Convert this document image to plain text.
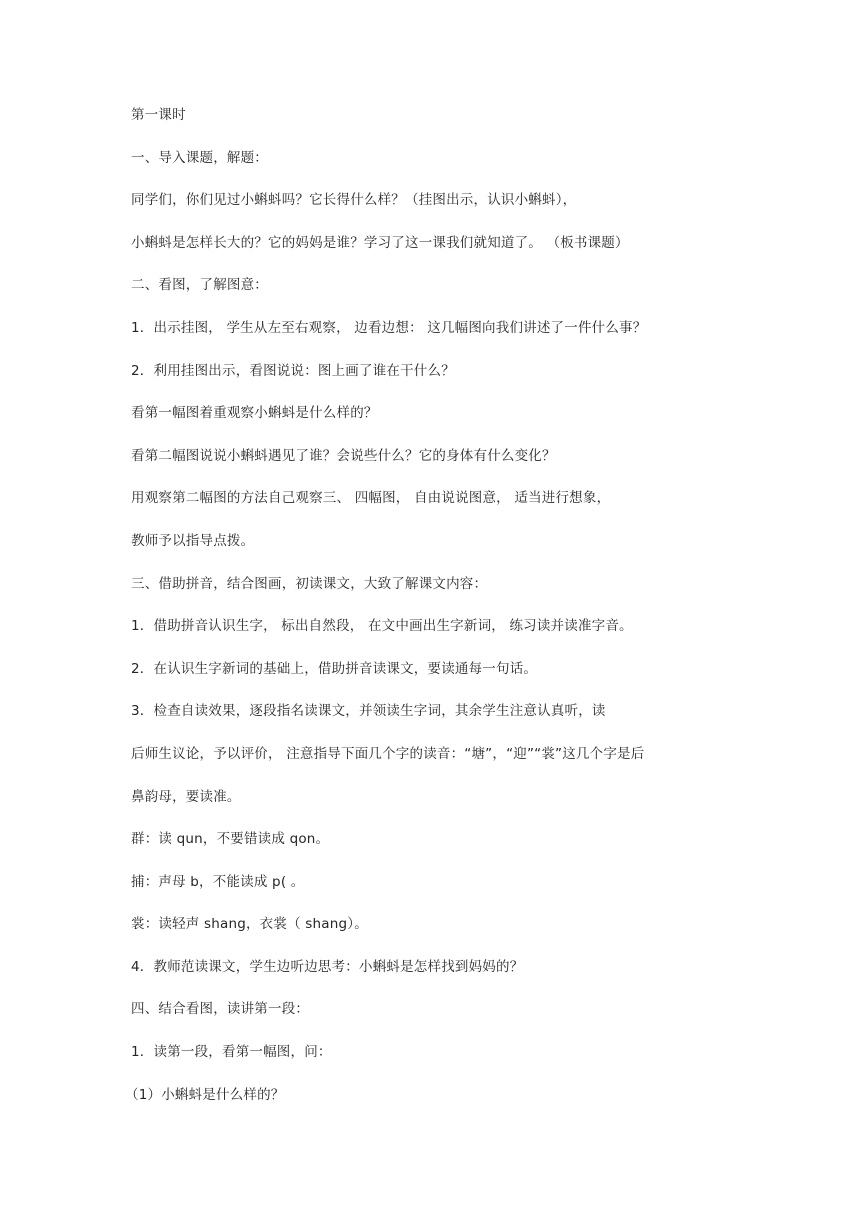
第一课时
一、导入课题，解题：
同学们，你们见过小蝌蚪吗？它长得什么样？（挂图出示，认识小蝌蚪），
小蝌蚪是怎样长大的？它的妈妈是谁？学习了这一课我们就知道了。 （板书课题）
二、看图，了解图意：
1．出示挂图， 学生从左至右观察， 边看边想： 这几幅图向我们讲述了一件什么事？
2．利用挂图出示，看图说说：图上画了谁在干什么？
看第一幅图着重观察小蝌蚪是什么样的？
看第二幅图说说小蝌蚪遇见了谁？会说些什么？它的身体有什么变化？
用观察第二幅图的方法自己观察三、 四幅图， 自由说说图意， 适当进行想象，
教师予以指导点拨。
三、借助拼音，结合图画，初读课文，大致了解课文内容：
1．借助拼音认识生字， 标出自然段， 在文中画出生字新词， 练习读并读准字音。
2．在认识生字新词的基础上，借助拼音读课文，要读通每一句话。
3．检查自读效果，逐段指名读课文，并领读生字词，其余学生注意认真听，读
后师生议论，予以评价， 注意指导下面几个字的读音：“塘”，“迎”“裳”这几个字是后
鼻韵母，要读准。
群：读 qun，不要错读成 qon。
捕：声母 b，不能读成 p( 。
裳：读轻声 shang，衣裳（ shang）。
4．教师范读课文，学生边听边思考：小蝌蚪是怎样找到妈妈的？
四、结合看图，读讲第一段：
1．读第一段，看第一幅图，问：
（1）小蝌蚪是什么样的？
